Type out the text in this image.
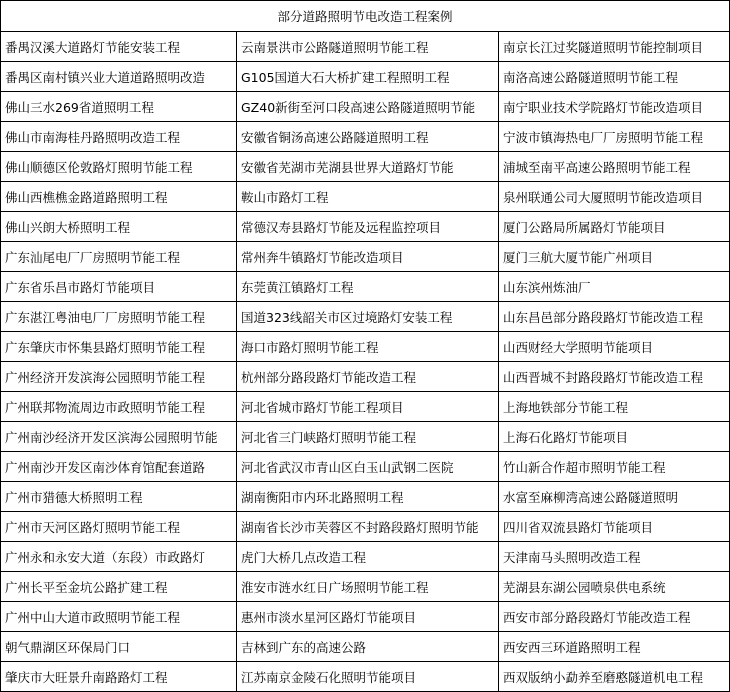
部分道路照明节电改造工程案例		
番禺汉溪大道路灯节能安装工程	云南景洪市公路隧道照明节能工程	南京长江过奖隧道照明节能控制项目
番禺区南村镇兴业大道道路照明改造	G105国道大石大桥扩建工程照明工程	南洛高速公路隧道照明节能工程
佛山三水269省道照明工程	GZ40新街至河口段高速公路隧道照明节能	南宁职业技术学院路灯节能改造项目
佛山市南海桂丹路照明改造工程	安徽省铜汤高速公路隧道照明工程	宁波市镇海热电厂厂房照明节能工程
佛山顺德区伦敦路灯照明节能工程	安徽省芜湖市芜湖县世界大道路灯节能	浦城至南平高速公路照明节能工程
佛山西樵樵金路道路照明工程	鞍山市路灯工程	泉州联通公司大厦照明节能改造项目
佛山兴朗大桥照明工程	常德汉寿县路灯节能及远程监控项目	厦门公路局所属路灯节能项目
广东汕尾电厂厂房照明节能工程	常州奔牛镇路灯节能改造项目	厦门三航大厦节能广州项目
广东省乐昌市路灯节能项目	东莞黄江镇路灯工程	山东滨州炼油厂
广东湛江粤油电厂厂房照明节能工程	国道323线韶关市区过境路灯安装工程	山东昌邑部分路段路灯节能改造工程
广东肇庆市怀集县路灯照明节能工程	海口市路灯照明节能工程	山西财经大学照明节能项目
广州经济开发滨海公园照明节能工程	杭州部分路段路灯节能改造工程	山西晋城不封路段路灯节能改造工程
广州联邦物流周边市政照明节能工程	河北省城市路灯节能工程项目	上海地铁部分节能工程
广州南沙经济开发区滨海公园照明节能	河北省三门峡路灯照明节能工程	上海石化路灯节能项目
广州南沙开发区南沙体育馆配套道路	河北省武汉市青山区白玉山武钢二医院	竹山新合作超市照明节能工程
广州市猎德大桥照明工程	湖南衡阳市内环北路照明工程	水富至麻柳湾高速公路隧道照明
广州市天河区路灯照明节能工程	湖南省长沙市芙蓉区不封路段路灯照明节能	四川省双流县路灯节能项目
广州永和永安大道（东段）市政路灯	虎门大桥几点改造工程	天津南马头照明改造工程
广州长平至金坑公路扩建工程	淮安市涟水红日广场照明节能工程	芜湖县东湖公园喷泉供电系统
广州中山大道市政照明节能工程	惠州市淡水星河区路灯节能项目	西安市部分路段路灯节能改造工程
朝气鼎湖区环保局门口	吉林到广东的高速公路	西安西三环道路照明工程
肇庆市大旺景升南路路灯工程	江苏南京金陵石化照明节能项目	西双版纳小勐养至磨憨隧道机电工程
